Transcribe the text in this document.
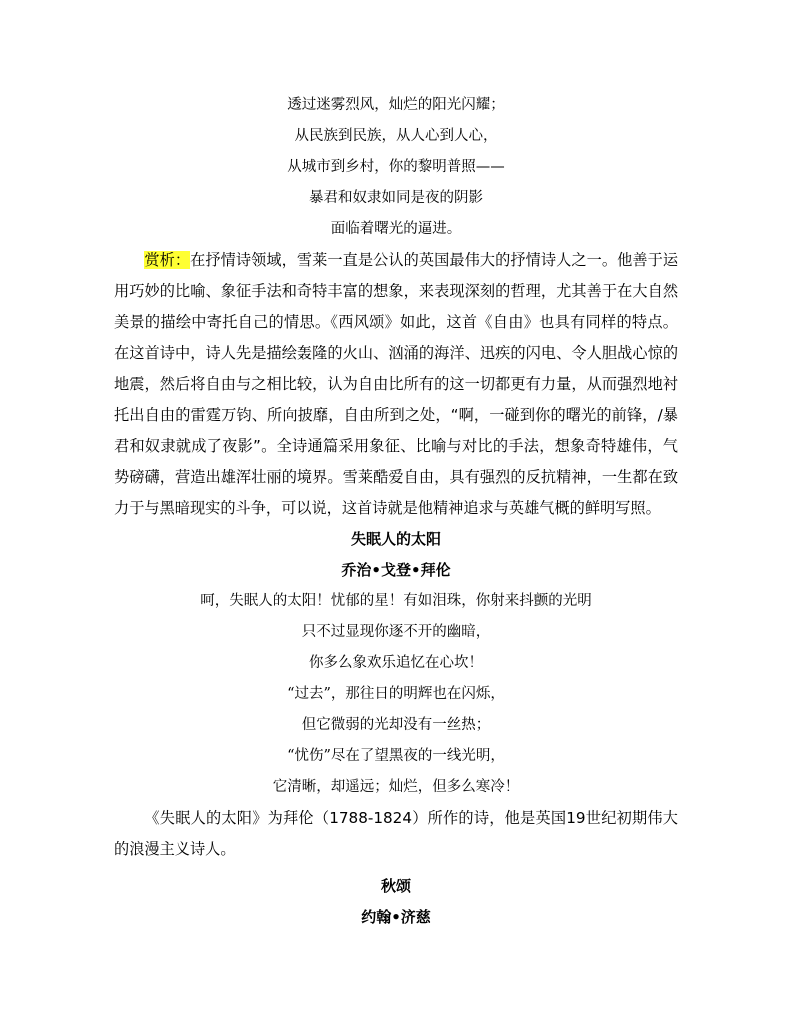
透过迷雾烈风，灿烂的阳光闪耀；
从民族到民族，从人心到人心，
从城市到乡村，你的黎明普照——
暴君和奴隶如同是夜的阴影
面临着曙光的逼进。

赏析：在抒情诗领域，雪莱一直是公认的英国最伟大的抒情诗人之一。他善于运用巧妙的比喻、象征手法和奇特丰富的想象，来表现深刻的哲理，尤其善于在大自然美景的描绘中寄托自己的情思。《西风颂》如此，这首《自由》也具有同样的特点。在这首诗中，诗人先是描绘轰隆的火山、汹涌的海洋、迅疾的闪电、令人胆战心惊的地震，然后将自由与之相比较，认为自由比所有的这一切都更有力量，从而强烈地衬托出自由的雷霆万钧、所向披靡，自由所到之处，“啊，一碰到你的曙光的前锋，/暴君和奴隶就成了夜影”。全诗通篇采用象征、比喻与对比的手法，想象奇特雄伟，气势磅礴，营造出雄浑壮丽的境界。雪莱酷爱自由，具有强烈的反抗精神，一生都在致力于与黑暗现实的斗争，可以说，这首诗就是他精神追求与英雄气概的鲜明写照。

失眠人的太阳
乔治•戈登•拜伦
呵，失眠人的太阳！忧郁的星！有如泪珠，你射来抖颤的光明
只不过显现你逐不开的幽暗，
你多么象欢乐追忆在心坎！
“过去”，那往日的明辉也在闪烁，
但它微弱的光却没有一丝热；
“忧伤”尽在了望黑夜的一线光明，
它清晰，却遥远；灿烂，但多么寒冷！

《失眠人的太阳》为拜伦（1788-1824）所作的诗，他是英国19世纪初期伟大的浪漫主义诗人。

秋颂
约翰•济慈
